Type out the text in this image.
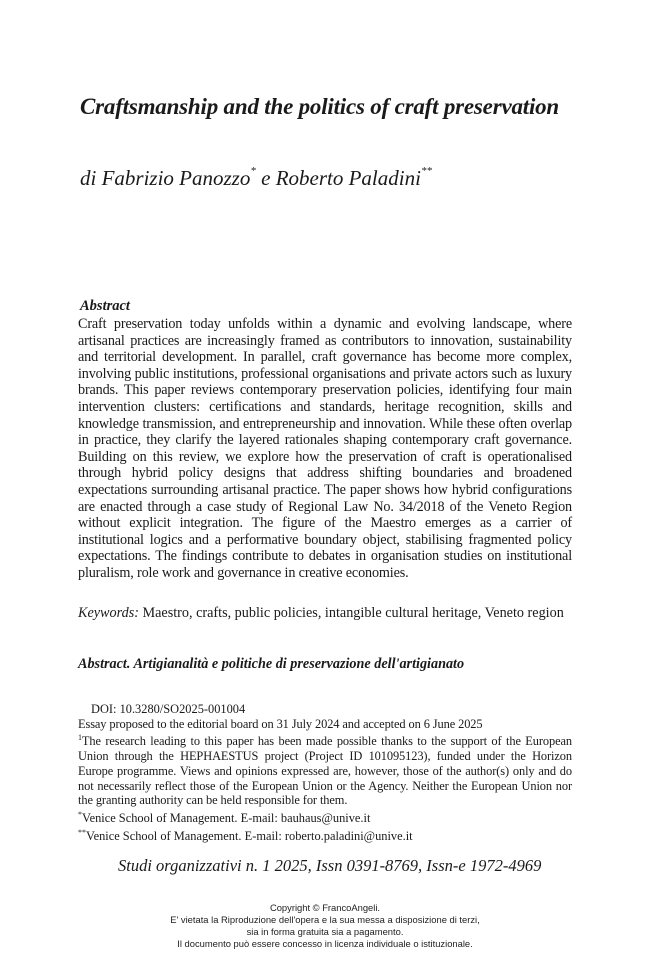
Craftsmanship and the politics of craft preservation
di Fabrizio Panozzo* e Roberto Paladini**
Abstract
Craft preservation today unfolds within a dynamic and evolving landscape, where artisanal practices are increasingly framed as contributors to innovation, sustainability and territorial development. In parallel, craft governance has become more complex, involving public institutions, professional organisations and private actors such as luxury brands. This paper reviews contemporary preservation policies, identifying four main intervention clusters: certifications and standards, heritage recognition, skills and knowledge transmission, and entrepreneurship and innovation. While these often overlap in practice, they clarify the layered rationales shaping contemporary craft governance. Building on this review, we explore how the preservation of craft is operationalised through hybrid policy designs that address shifting boundaries and broadened expectations surrounding artisanal practice. The paper shows how hybrid configurations are enacted through a case study of Regional Law No. 34/2018 of the Veneto Region without explicit integration. The figure of the Maestro emerges as a carrier of institutional logics and a performative boundary object, stabilising fragmented policy expectations. The findings contribute to debates in organisation studies on institutional pluralism, role work and governance in creative economies.
Keywords: Maestro, crafts, public policies, intangible cultural heritage, Veneto region
Abstract. Artigianalità e politiche di preservazione dell'artigianato
DOI: 10.3280/SO2025-001004
Essay proposed to the editorial board on 31 July 2024 and accepted on 6 June 2025
$^1$The research leading to this paper has been made possible thanks to the support of the European Union through the HEPHAESTUS project (Project ID 101095123), funded under the Horizon Europe programme. Views and opinions expressed are, however, those of the author(s) only and do not necessarily reflect those of the European Union or the Agency. Neither the European Union nor the granting authority can be held responsible for them.
*Venice School of Management. E-mail: bauhaus@unive.it
**Venice School of Management. E-mail: roberto.paladini@unive.it
Studi organizzativi n. 1 2025, Issn 0391-8769, Issn-e 1972-4969
Copyright © FrancoAngeli.
E' vietata la Riproduzione dell'opera e la sua messa a disposizione di terzi,
sia in forma gratuita sia a pagamento.
Il documento può essere concesso in licenza individuale o istituzionale.
